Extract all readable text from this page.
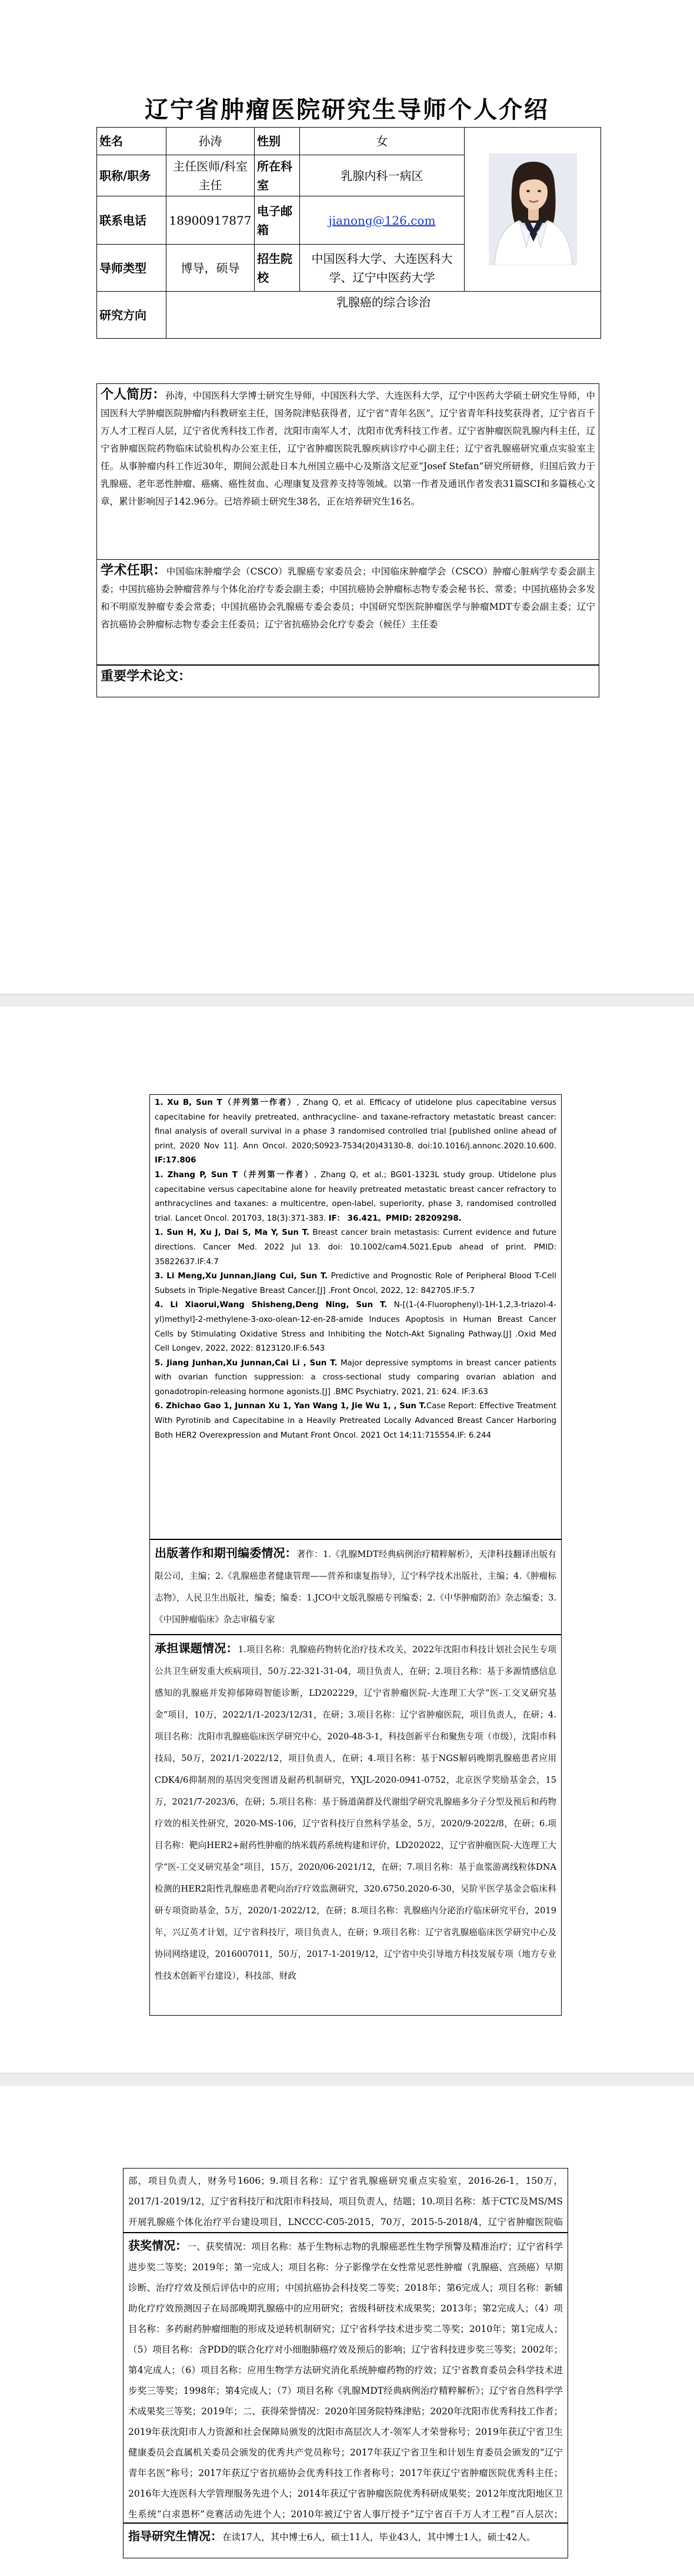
辽宁省肿瘤医院研究生导师个人介绍
姓名	孙涛	性别	女	

职称/职务	主任医师/科室主任	所在科室	乳腺内科一病区	
联系电话	18900917877	电子邮箱	jianong@126.com	
导师类型	博导，硕导	招生院校	中国医科大学、大连医科大学、辽宁中医药大学	
研究方向	乳腺癌的综合诊治			
个人简历：孙涛，中国医科大学博士研究生导师，中国医科大学、大连医科大学，辽宁中医药大学硕士研究生导师，中国医科大学肿瘤医院肿瘤内科教研室主任，国务院津贴获得者，辽宁省“青年名医”，辽宁省青年科技奖获得者，辽宁省百千万人才工程百人层，辽宁省优秀科技工作者，沈阳市南军人才，沈阳市优秀科技工作者。辽宁省肿瘤医院乳腺内科主任，辽宁省肿瘤医院药物临床试验机构办公室主任，辽宁省肿瘤医院乳腺疾病诊疗中心副主任；辽宁省乳腺癌研究重点实验室主任。从事肿瘤内科工作近30年，期间公派赴日本九州国立癌中心及斯洛文尼亚“Josef Stefan”研究所研修，归国后致力于乳腺癌、老年恶性肿瘤、癌痛、癌性贫血、心理康复及营养支持等领域。以第一作者及通讯作者发表31篇SCI和多篇核心文章，累计影响因子142.96分。已培养硕士研究生38名，正在培养研究生16名。
学术任职：中国临床肿瘤学会（CSCO）乳腺癌专家委员会；中国临床肿瘤学会（CSCO）肿瘤心脏病学专委会副主委；中国抗癌协会肿瘤营养与个体化治疗专委会副主委；中国抗癌协会肿瘤标志物专委会秘书长、常委；中国抗癌协会多发和不明原发肿瘤专委会常委；中国抗癌协会乳腺癌专委会委员；中国研究型医院肿瘤医学与肿瘤MDT专委会副主委；辽宁省抗癌协会肿瘤标志物专委会主任委员；辽宁省抗癌协会化疗专委会（候任）主任委
重要学术论文：

1. Xu B, Sun T（并列第一作者）, Zhang Q, et al. Efficacy of utidelone plus capecitabine versus capecitabine for heavily pretreated, anthracycline- and taxane-refractory metastatic breast cancer: final analysis of overall survival in a phase 3 randomised controlled trial [published online ahead of print, 2020 Nov 11]. Ann Oncol. 2020;S0923-7534(20)43130-8. doi:10.1016/j.annonc.2020.10.600. IF:17.806

1. Zhang P, Sun T（并列第一作者）, Zhang Q, et al.; BG01-1323L study group. Utidelone plus capecitabine versus capecitabine alone for heavily pretreated metastatic breast cancer refractory to anthracyclines and taxanes: a multicentre, open-label, superiority, phase 3, randomised controlled trial. Lancet Oncol. 201703, 18(3):371-383. IF： 36.421。PMID: 28209298.

1. Sun H, Xu J, Dai S, Ma Y, Sun T. Breast cancer brain metastasis: Current evidence and future directions. Cancer Med. 2022 Jul 13. doi: 10.1002/cam4.5021.Epub ahead of print. PMID: 35822637.IF:4.7

3. Li Meng,Xu Junnan,Jiang Cui, Sun T. Predictive and Prognostic Role of Peripheral Blood T-Cell Subsets in Triple-Negative Breast Cancer.[J] .Front Oncol, 2022, 12: 842705.IF:5.7

4. Li Xiaorui,Wang Shisheng,Deng Ning, Sun T. N-[(1-(4-Fluorophenyl)-1H-1,2,3-triazol-4-yl)methyl]-2-methylene-3-oxo-olean-12-en-28-amide Induces Apoptosis in Human Breast Cancer Cells by Stimulating Oxidative Stress and Inhibiting the Notch-Akt Signaling Pathway.[J] .Oxid Med Cell Longev, 2022, 2022: 8123120.IF:6.543

5. Jiang Junhan,Xu Junnan,Cai Li , Sun T. Major depressive symptoms in breast cancer patients with ovarian function suppression: a cross-sectional study comparing ovarian ablation and gonadotropin-releasing hormone agonists.[J] .BMC Psychiatry, 2021, 21: 624. IF:3.63

6. Zhichao Gao 1, Junnan Xu 1, Yan Wang 1, Jie Wu 1, , Sun T.Case Report: Effective Treatment With Pyrotinib and Capecitabine in a Heavily Pretreated Locally Advanced Breast Cancer Harboring Both HER2 Overexpression and Mutant Front Oncol. 2021 Oct 14;11:715554.IF: 6.244

出版著作和期刊编委情况：著作：1.《乳腺MDT经典病例治疗精粹解析》，天津科技翻译出版有限公司，主编；2.《乳腺癌患者健康管理——营养和康复指导》，辽宁科学技术出版社，主编；4.《肿瘤标志物》，人民卫生出版社，编委；编委：1.JCO中文版乳腺癌专刊编委；2.《中华肿瘤防治》杂志编委；3.《中国肿瘤临床》杂志审稿专家
承担课题情况：1.项目名称：乳腺癌药物转化治疗技术攻关，2022年沈阳市科技计划社会民生专项公共卫生研发重大疾病项目，50万.22-321-31-04，项目负责人，在研；2.项目名称：基于多源情感信息感知的乳腺癌并发抑郁障碍智能诊断，LD202229，辽宁省肿瘤医院-大连理工大学“医-工交叉研究基金”项目，10万，2022/1/1-2023/12/31，在研；3.项目名称：辽宁省肿瘤医院，项目负责人，在研；4.项目名称：沈阳市乳腺癌临床医学研究中心，2020-48-3-1，科技创新平台和聚焦专项（市级），沈阳市科技局，50万，2021/1-2022/12，项目负责人，在研；4.项目名称：基于NGS解码晚期乳腺癌患者应用CDK4/6抑制剂的基因突变图谱及耐药机制研究，YXJL-2020-0941-0752，北京医学奖励基金会，15万，2021/7-2023/6，在研；5.项目名称：基于肠道菌群及代谢组学研究乳腺癌多分子分型及预后和药物疗效的相关性研究，2020-MS-106，辽宁省科技厅自然科学基金，5万，2020/9-2022/8，在研；6.项目名称：靶向HER2+耐药性肿瘤的纳米载药系统构建和评价，LD202022，辽宁省肿瘤医院-大连理工大学“医-工交叉研究基金”项目，15万，2020/06-2021/12，在研；7.项目名称：基于血浆游离线粒体DNA检测的HER2阳性乳腺癌患者靶向治疗疗效监测研究，320.6750.2020-6-30，吴阶平医学基金会临床科研专项资助基金，5万，2020/1-2022/12，在研；8.项目名称：乳腺癌内分泌治疗临床研究平台，2019年，兴辽英才计划，辽宁省科技厅，项目负责人，在研；9.项目名称：辽宁省乳腺癌临床医学研究中心及协同网络建设，2016007011，50万，2017-1-2019/12，辽宁省中央引导地方科技发展专项（地方专业性技术创新平台建设），科技部、财政
部，项目负责人，财务号1606；9.项目名称：辽宁省乳腺癌研究重点实验室，2016-26-1，150万，2017/1-2019/12，辽宁省科技厅和沈阳市科技局，项目负责人，结题；10.项目名称：基于CTC及MS/MS开展乳腺癌个体化治疗平台建设项目，LNCCC-C05-2015，70万，2015-5-2018/4，辽宁省肿瘤医院临
获奖情况：一、获奖情况：项目名称：基于生物标志物的乳腺癌恶性生物学预警及精准治疗；辽宁省科学进步奖二等奖；2019年；第一完成人；项目名称：分子影像学在女性常见恶性肿瘤（乳腺癌、宫颈癌）早期诊断、治疗疗效及预后评估中的应用；中国抗癌协会科技奖二等奖；2018年；第6完成人；项目名称：新辅助化疗疗效预测因子在局部晚期乳腺癌中的应用研究；省级科研技术成果奖；2013年；第2完成人；（4）项目名称：多药耐药肿瘤细胞的形成及逆转机制研究；辽宁省科学技术进步奖二等奖；2010年；第1完成人；（5）项目名称：含PDD的联合化疗对小细胞肺癌疗效及预后的影响；辽宁省科技进步奖三等奖；2002年；第4完成人；（6）项目名称：应用生物学方法研究消化系统肿瘤药物的疗效；辽宁省教育委员会科学技术进步奖三等奖；1998年；第4完成人；（7）项目名称《乳腺MDT经典病例治疗精粹解析》；辽宁省自然科学学术成果奖三等奖；2019年；二、获得荣誉情况：2020年国务院特殊津贴；2020年沈阳市优秀科技工作者；2019年获沈阳市人力资源和社会保障局颁发的沈阳市高层次人才-领军人才荣誉称号；2019年获辽宁省卫生健康委员会直属机关委员会颁发的优秀共产党员称号；2017年获辽宁省卫生和计划生育委员会颁发的“辽宁青年名医”称号；2017年获辽宁省抗癌协会优秀科技工作者称号；2017年获辽宁省肿瘤医院优秀科主任；2016年大连医科大学管理服务先进个人；2014年获辽宁省肿瘤医院优秀科研成果奖；2012年度沈阳地区卫生系统“白求恩杯”竞赛活动先进个人；2010年被辽宁省人事厅授予“辽宁省百千万人才工程”百人层次；
指导研究生情况：在读17人，其中博士6人，硕士11人，毕业43人，其中博士1人，硕士42人。
